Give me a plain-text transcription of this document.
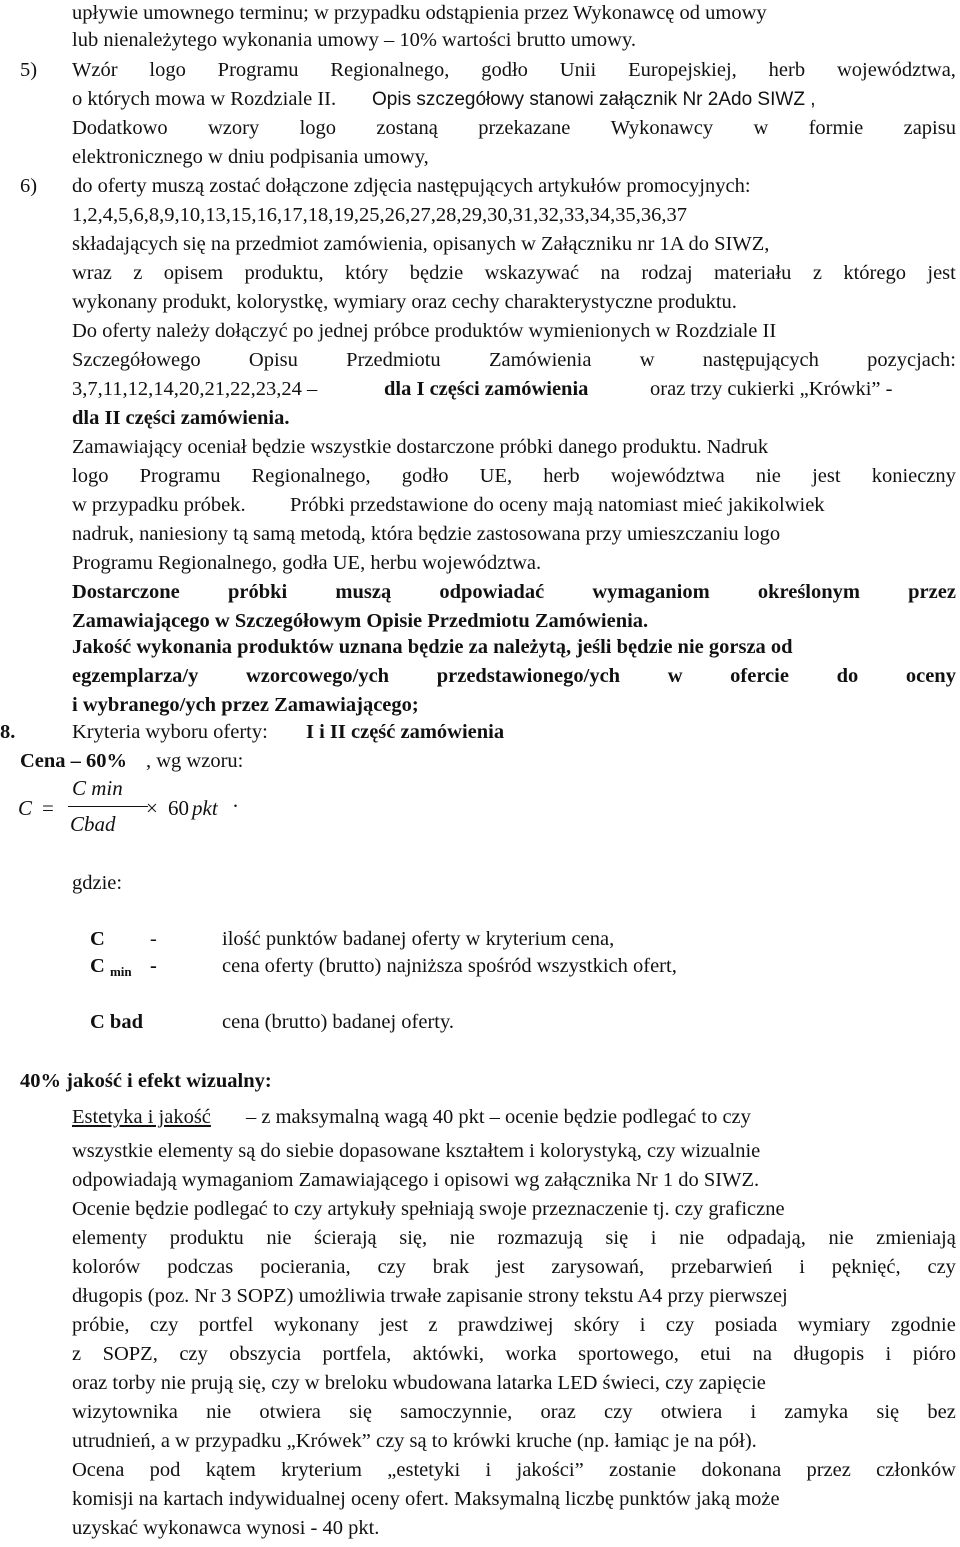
upływie umownego terminu; w przypadku odstąpienia przez Wykonawcę od umowy
lub nienależytego wykonania umowy – 10% wartości brutto umowy.
5) Wzór logo Programu Regionalnego, godło Unii Europejskiej, herb województwa,
o których mowa w Rozdziale II. Opis szczegółowy stanowi załącznik Nr 2Ado SIWZ ,
Dodatkowo wzory logo zostaną przekazane Wykonawcy w formie zapisu
elektronicznego w dniu podpisania umowy,
6) do oferty muszą zostać dołączone zdjęcia następujących artykułów promocyjnych:
1,2,4,5,6,8,9,10,13,15,16,17,18,19,25,26,27,28,29,30,31,32,33,34,35,36,37
składających się na przedmiot zamówienia, opisanych w Załączniku nr 1A do SIWZ,
wraz z opisem produktu, który będzie wskazywać na rodzaj materiału z którego jest
wykonany produkt, kolorystkę, wymiary oraz cechy charakterystyczne produktu.
Do oferty należy dołączyć po jednej próbce produktów wymienionych w Rozdziale II
Szczegółowego Opisu Przedmiotu Zamówienia w następujących pozycjach:
3,7,11,12,14,20,21,22,23,24 –	dla I części zamówienia	oraz trzy cukierki „Krówki” -
dla II części zamówienia.
Zamawiający oceniał będzie wszystkie dostarczone próbki danego produktu. Nadruk
logo Programu Regionalnego, godło UE, herb województwa nie jest konieczny
w przypadku próbek. Próbki przedstawione do oceny mają natomiast mieć jakikolwiek
nadruk, naniesiony tą samą metodą, która będzie zastosowana przy umieszczaniu logo
Programu Regionalnego, godła UE, herbu województwa.
Dostarczone próbki muszą odpowiadać wymaganiom określonym przez
Zamawiającego w Szczegółowym Opisie Przedmiotu Zamówienia.
Jakość wykonania produktów uznana będzie za należytą, jeśli będzie nie gorsza od
egzemplarza/y wzorcowego/ych przedstawionego/ych w ofercie do oceny
i wybranego/ych przez Zamawiającego;
8.	Kryteria wyboru oferty: I i II część zamówienia
Cena – 60% , wg wzoru:
C =
C min
Cbad
× 60 pkt ·
gdzie:
C -	ilość punktów badanej oferty w kryterium cena,
C min -	cena oferty (brutto) najniższa spośród wszystkich ofert,
C bad	cena (brutto) badanej oferty.
40% jakość i efekt wizualny:
Estetyka i jakość – z maksymalną wagą 40 pkt – ocenie będzie podlegać to czy
wszystkie elementy są do siebie dopasowane kształtem i kolorystyką, czy wizualnie
odpowiadają wymaganiom Zamawiającego i opisowi wg załącznika Nr 1 do SIWZ.
Ocenie będzie podlegać to czy artykuły spełniają swoje przeznaczenie tj. czy graficzne
elementy produktu nie ścierają się, nie rozmazują się i nie odpadają, nie zmieniają
kolorów podczas pocierania, czy brak jest zarysowań, przebarwień i pęknięć, czy
długopis (poz. Nr 3 SOPZ) umożliwia trwałe zapisanie strony tekstu A4 przy pierwszej
próbie, czy portfel wykonany jest z prawdziwej skóry i czy posiada wymiary zgodnie
z SOPZ, czy obszycia portfela, aktówki, worka sportowego, etui na długopis i pióro
oraz torby nie prują się, czy w breloku wbudowana latarka LED świeci, czy zapięcie
wizytownika nie otwiera się samoczynnie, oraz czy otwiera i zamyka się bez
utrudnień, a w przypadku „Krówek” czy są to krówki kruche (np. łamiąc je na pół).
Ocena pod kątem kryterium „estetyki i jakości” zostanie dokonana przez członków
komisji na kartach indywidualnej oceny ofert. Maksymalną liczbę punktów jaką może
uzyskać wykonawca wynosi - 40 pkt.
